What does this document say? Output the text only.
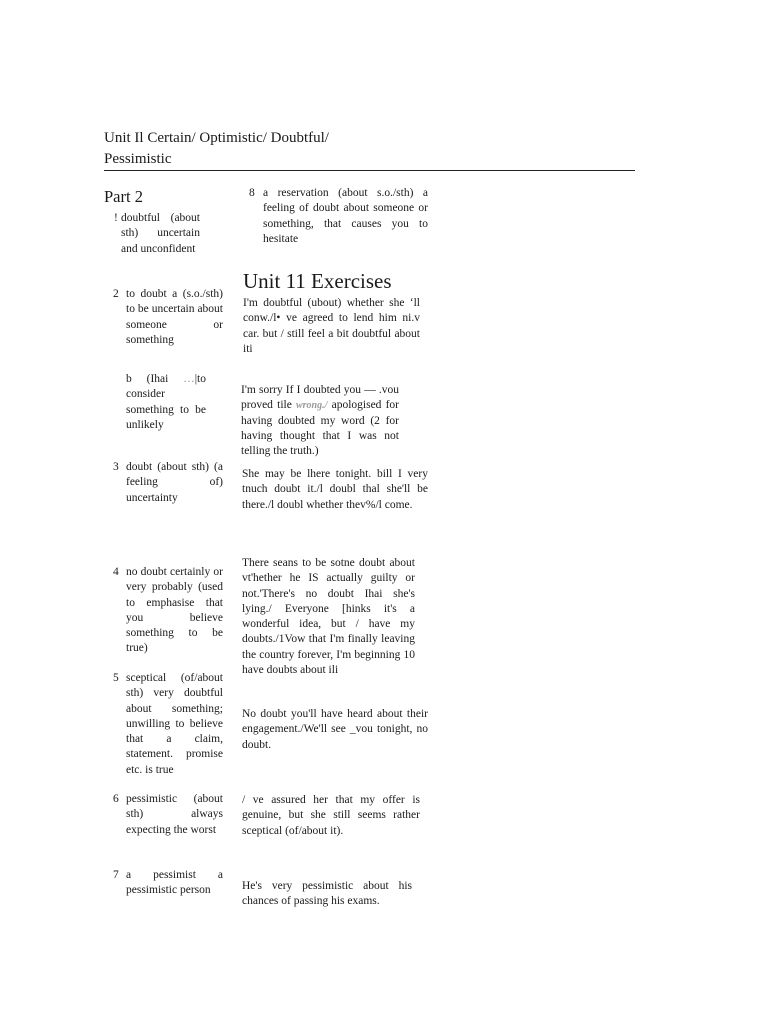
Unit Il Certain/ Optimistic/ Doubtful/
Pessimistic
Part 2
! doubtful (about sth) uncertain and unconfident
2 to doubt a (s.o./sth) to be uncertain about someone or something
b (Ihai …|to consider something to be unlikely
3 doubt (about sth) (a feeling of) uncertainty
4 no doubt certainly or very probably (used to emphasise that you believe something to be true)
5 sceptical (of/about sth) very doubtful about something; unwilling to believe that a claim, statement. promise etc. is true
6 pessimistic (about sth) always expecting the worst
7 a pessimist a pessimistic person
8 a reservation (about s.o./sth) a feeling of doubt about someone or something, that causes you to hesitate
Unit 11 Exercises
I'm doubtful (ubout) whether she ‘ll conw./l• ve agreed to lend him ni.v car. but / still feel a bit doubtful about iti
I'm sorry If I doubted you — .vou proved tile wrong./ apologised for having doubted my word (2 for having thought that I was not telling the truth.)
She may be lhere tonight. bill I very tnuch doubt it./l doubl thal she'll be there./l doubl whether thev%/l come.
There seans to be sotne doubt about vt'hether he IS actually guilty or not.'There's no doubt Ihai she's lying./ Everyone [hinks it's a wonderful idea, but / have my doubts./1Vow that I'm finally leaving the country forever, I'm beginning 10 have doubts about ili
No doubt you'll have heard about their engagement./We'll see _vou tonight, no doubt.
/ ve assured her that my offer is genuine, but she still seems rather sceptical (of/about it).
He's very pessimistic about his chances of passing his exams.
